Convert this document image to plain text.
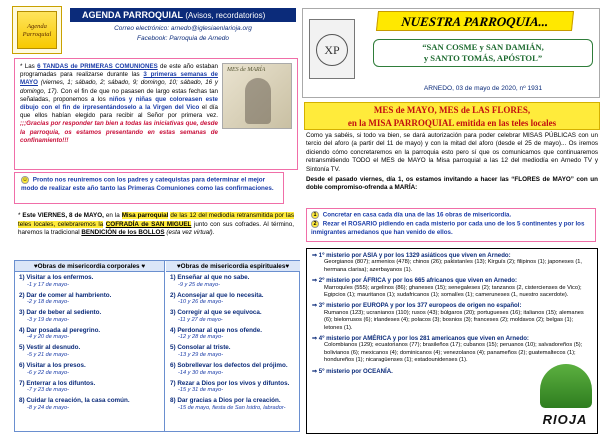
Agenda Parroquial
AGENDA PARROQUIAL (Avisos, recordatorios)
Correo electrónico: arnedo@iglesiaenlarioja.org
Facebook: Parroquia de Arnedo
MES de MARÍA

* Las 6 TANDAS de PRIMERAS COMUNIONES de este año estaban programadas para realizarse durante las 3 primeras semanas de MAYO (viernes, 1; sábado, 2; sábado, 9; domingo, 10; sábado, 16 y domingo, 17). Con el fin de que no pasasen de largo estas fechas tan señaladas, proponemos a los niños y niñas que coloreasen este dibujo con el fin de irpresentándoselo a la Virgen del Vico el día que ellos habían elegido para recibir al Señor por primera vez. ;;;Gracias por responder tan bien a todas las iniciativas que, desde la parroquia, os estamos presentando en estas semanas de confinamiento!!!

☺ Pronto nos reuniremos con los padres y catequistas para determinar el mejor modo de realizar este año tanto las Primeras Comuniones como las confirmaciones.
* Este VIERNES, 8 de MAYO, en la Misa parroquial de las 12 del mediodía retransmitida por las teles locales, celebraremos la COFRADÍA de SAN MIGUEL junto con sus cofrades. Al término, haremos la tradicional BENDICIÓN de los BOLLOS (esta vez virtual).
♥Obras de misericordia corporales ♥
1) Visitar a los enfermos.
-1 y 17 de mayo-
2) Dar de comer al hambriento.
-2 y 18 de mayo-
3) Dar de beber al sediento.
-3 y 19 de mayo-
4) Dar posada al peregrino.
-4 y 20 de mayo-
5) Vestir al desnudo.
-5 y 21 de mayo-
6) Visitar a los presos.
-6 y 22 de mayo-
7) Enterrar a los difuntos.
-7 y 23 de mayo-
8) Cuidar la creación, la casa común.
-8 y 24 de mayo-
♥Obras de misericordia espirituales♥
1) Enseñar al que no sabe.
-9 y 25 de mayo-
2) Aconsejar al que lo necesita.
-10 y 26 de mayo-
3) Corregir al que se equivoca.
-11 y 27 de mayo-
4) Perdonar al que nos ofende.
-12 y 28 de mayo-
5) Consolar al triste.
-13 y 29 de mayo-
6) Sobrellevar los defectos del prójimo.
-14 y 30 de mayo-
7) Rezar a Dios por los vivos y difuntos.
-15 y 31 de mayo-
8) Dar gracias a Dios por la creación.
-15 de mayo, fiesta de San Isidro, labrador-
XP
NUESTRA PARROQUIA...
“SAN COSME y SAN DAMIÁN,
y SANTO TOMÁS, APÓSTOL”
ARNEDO, 03 de mayo de 2020, nº 1931
MES de MAYO, MES de LAS FLORES,
en la MISA PARROQUIAL emitida en las teles locales
Como ya sabéis, si todo va bien, se dará autorización para poder celebrar MISAS PÚBLICAS con un tercio del aforo (a partir del 11 de mayo) y con la mitad del aforo (desde el 25 de mayo)... Os iremos diciendo cómo concretaremos en la parroquia esto pero sí que os comunicamos que continuaremos retransmitiendo TODO el MES de MAYO la Misa parroquial a las 12 del mediodía en Arnedo TV y Sintonía TV.
Desde el pasado viernes, día 1, os estamos invitando a hacer las “FLORES de MAYO” con un doble compromiso-ofrenda a MARÍA:
1 Concretar en casa cada día una de las 16 obras de misericordia.
2 Rezar el ROSARIO pidiendo en cada misterio por cada uno de los 5 continentes y por los inmigrantes arnedanos que han venido de ellos.
⇒ 1º misterio por ASIA y por los 1329 asiáticos que viven en Arnedo:
Georgianos (807); armenios (478); chinos (26); pakistaníes (13); Kirguís (2); filipinos (1); japoneses (1, hermana clarisa); azerbayanos (1).
⇒ 2º misterio por ÁFRICA y por los 665 africanos que viven en Arnedo:
Marroquíes (555); argelinos (86); ghaneses (15); senegaleses (2); tanzanos (2, cistercienses de Vico); Egipcios (1); mauritanos (1); sudafricanos (1); somalíes (1); cameruneses (1, nuestro sacerdote).
⇒ 3º misterio por EUROPA y por los 377 europeos de origen no español:
Rumanos (123); ucranianos (110); rusos (43); búlgaros (20); portugueses (16); italianos (15); alemanes (6); bielorrusos (6); irlandeses (4); polacos (3); bosnios (3); franceses (2); moldavos (2); belgas (1); letones (1).
⇒ 4º misterio por AMÉRICA y por los 281 americanos que viven en Arnedo:
Colombianos (129); ecuatorianos (77); brasileños (17); cubanos (15); peruanos (10); salvadoreños (5); bolivianos (6); mexicanos (4); dominicanos (4); venezolanos (4); panameños (2); guatemaltecos (1); hondureños (1); nicaragüenses (1); estadounidenses (1).
⇒ 5º misterio por OCEANÍA.
RIOJA
